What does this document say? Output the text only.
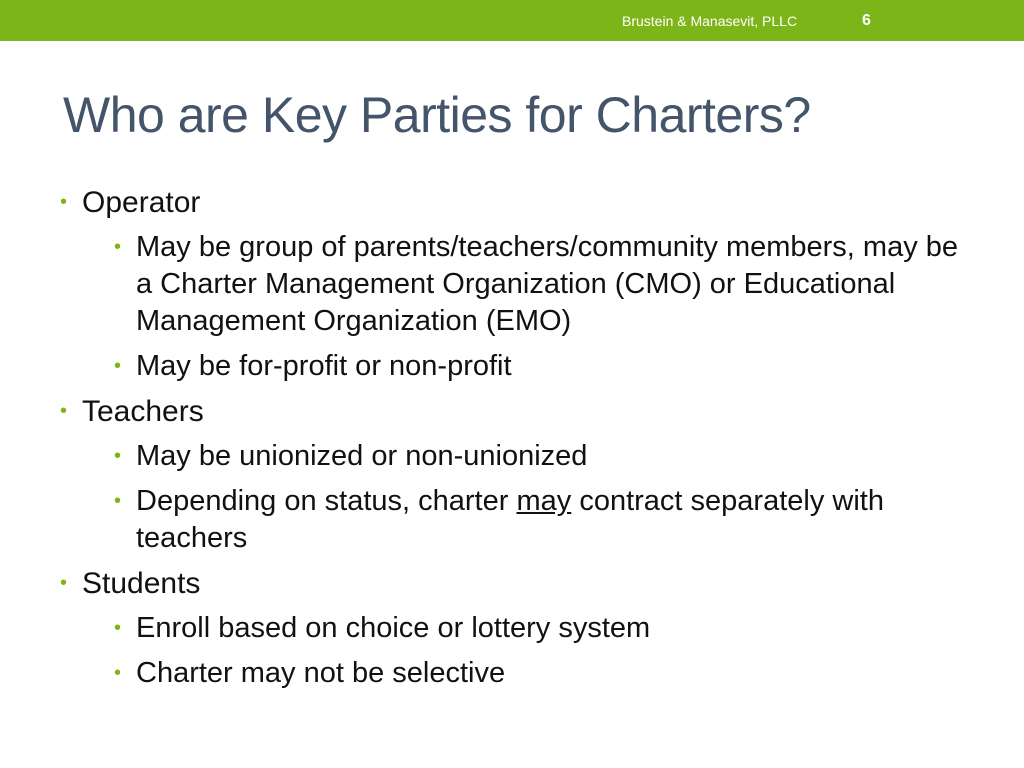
Brustein & Manasevit, PLLC	6
Who are Key Parties for Charters?
• Operator
• May be group of parents/teachers/community members, may be a Charter Management Organization (CMO) or Educational Management Organization (EMO)
• May be for-profit or non-profit
• Teachers
• May be unionized or non-unionized
• Depending on status, charter may contract separately with teachers
• Students
• Enroll based on choice or lottery system
• Charter may not be selective
